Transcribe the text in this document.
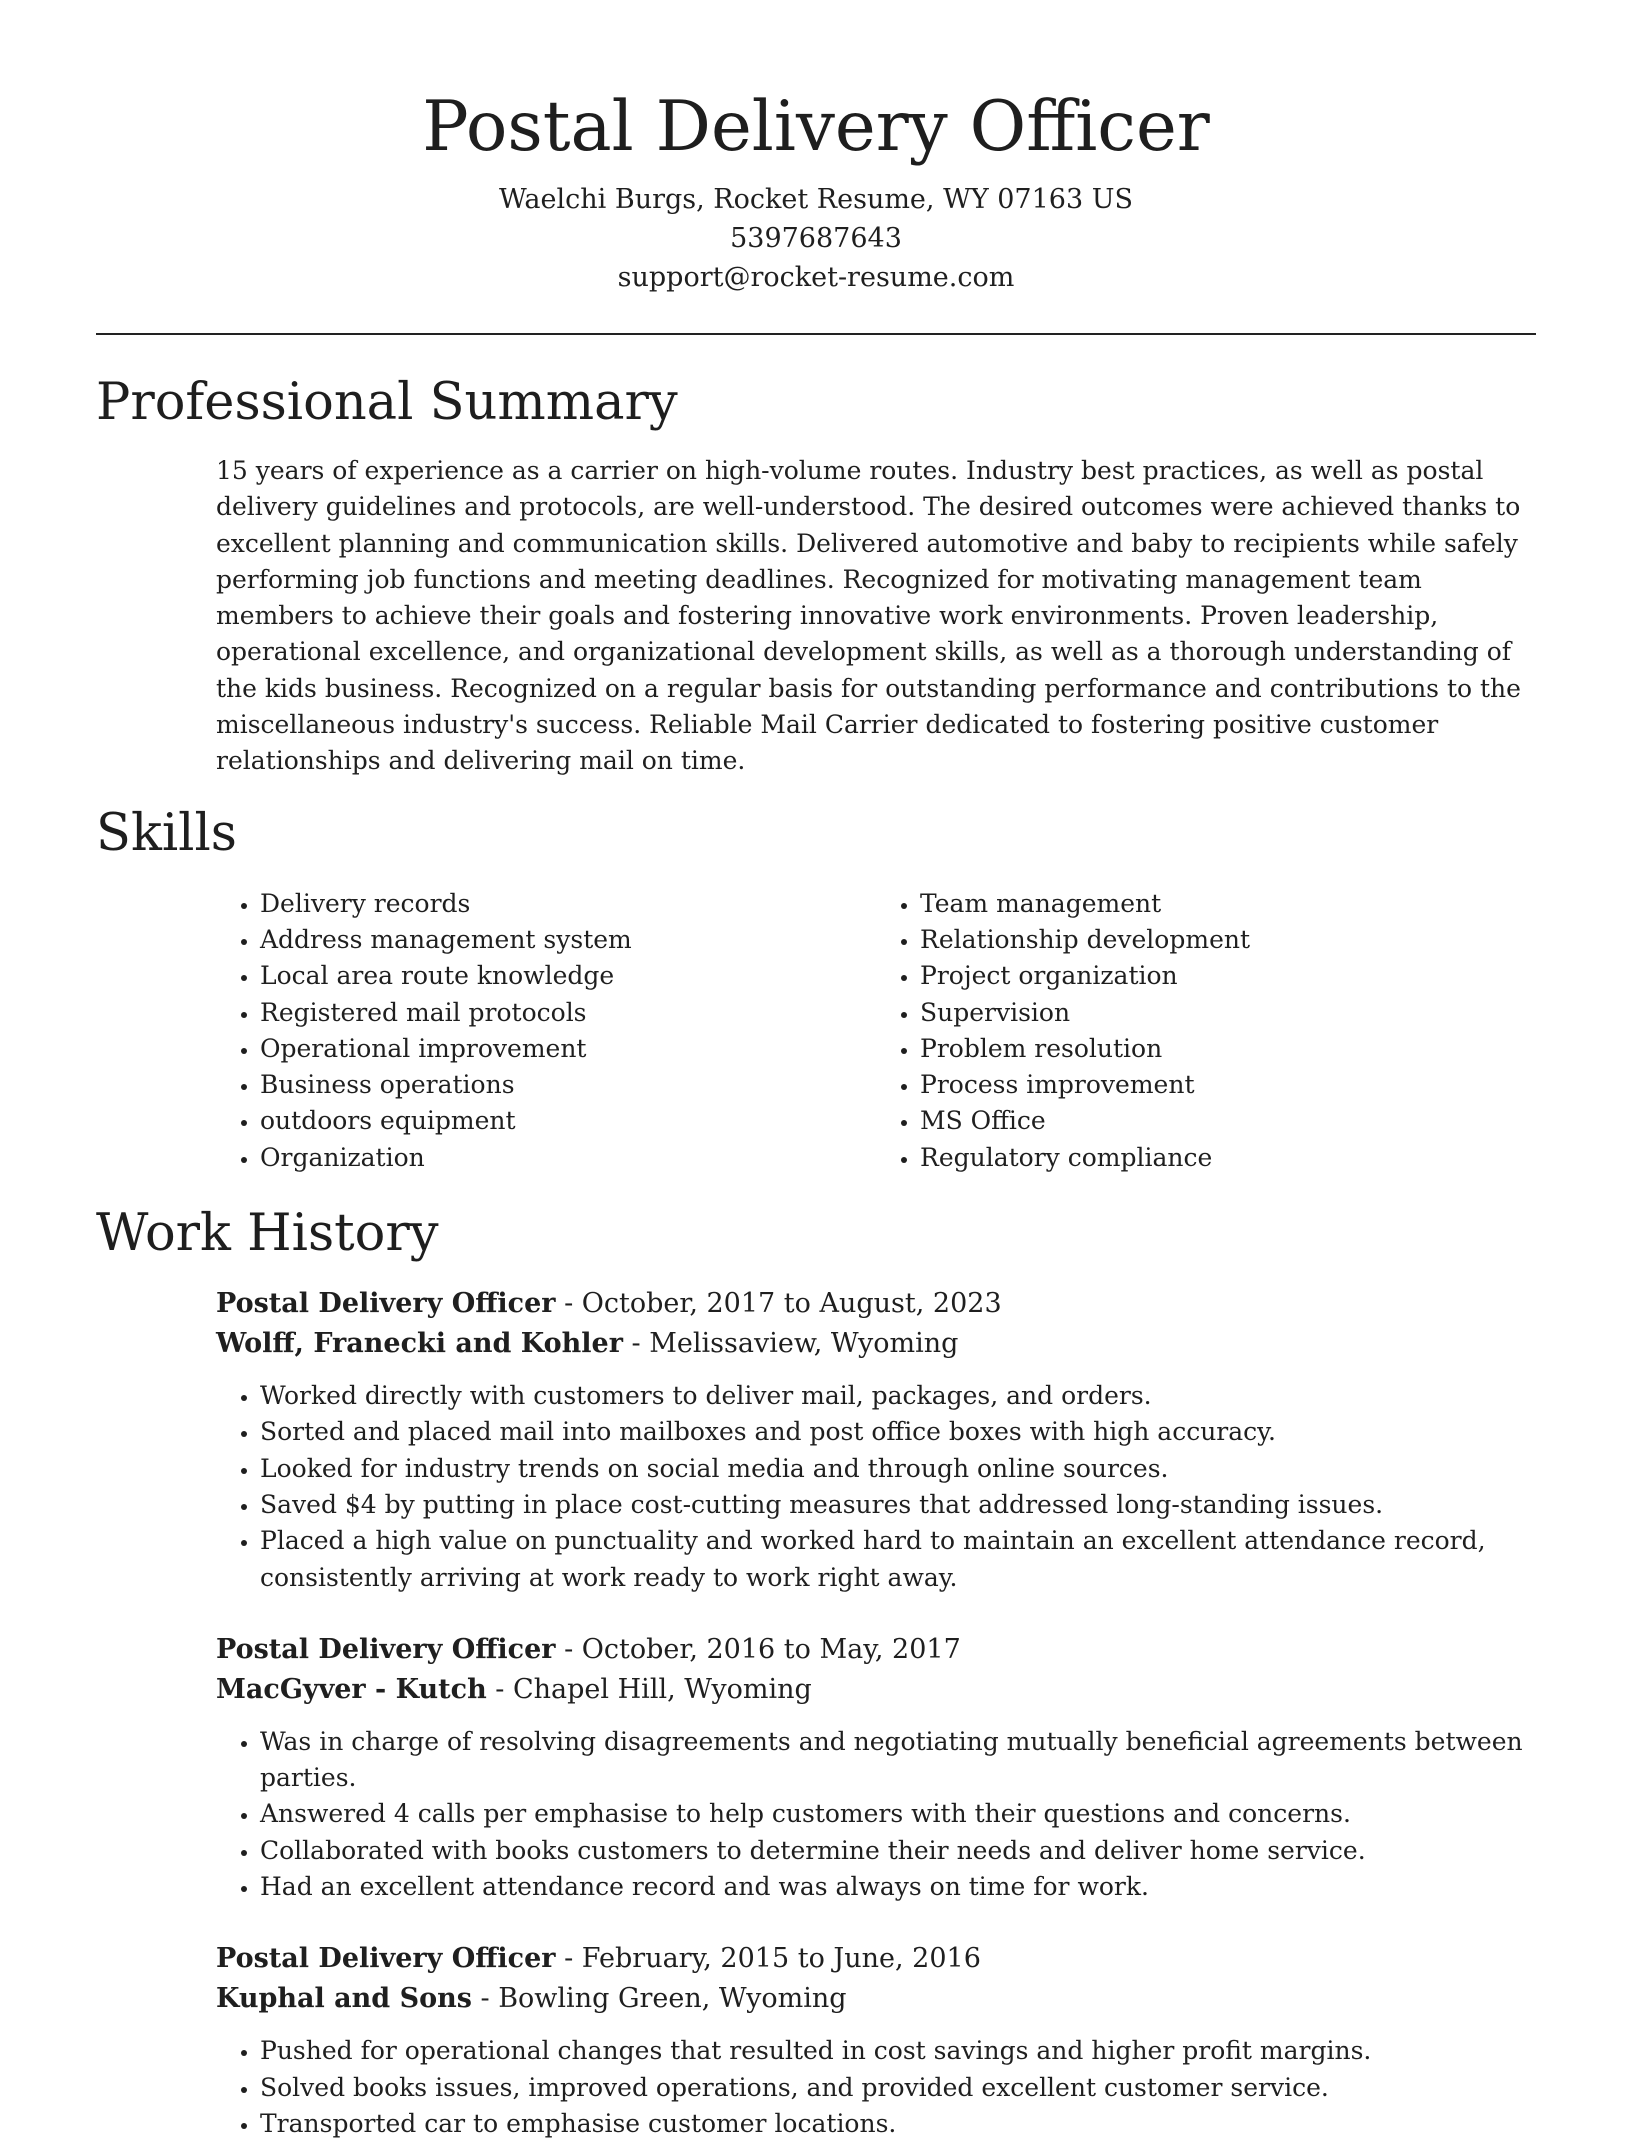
Postal Delivery Officer

Waelchi Burgs, Rocket Resume, WY 07163 US

5397687643

support@rocket-resume.com

Professional Summary

15 years of experience as a carrier on high-volume routes. Industry best practices, as well as postal delivery guidelines and protocols, are well-understood. The desired outcomes were achieved thanks to excellent planning and communication skills. Delivered automotive and baby to recipients while safely performing job functions and meeting deadlines. Recognized for motivating management team members to achieve their goals and fostering innovative work environments. Proven leadership, operational excellence, and organizational development skills, as well as a thorough understanding of the kids business. Recognized on a regular basis for outstanding performance and contributions to the miscellaneous industry's success. Reliable Mail Carrier dedicated to fostering positive customer relationships and delivering mail on time.

Skills
• Delivery records
• Address management system
• Local area route knowledge
• Registered mail protocols
• Operational improvement
• Business operations
• outdoors equipment
• Organization
• Team management
• Relationship development
• Project organization
• Supervision
• Problem resolution
• Process improvement
• MS Office
• Regulatory compliance
Work History

Postal Delivery Officer - October, 2017 to August, 2023

Wolff, Franecki and Kohler - Melissaview, Wyoming

• Worked directly with customers to deliver mail, packages, and orders.
• Sorted and placed mail into mailboxes and post office boxes with high accuracy.
• Looked for industry trends on social media and through online sources.
• Saved $4 by putting in place cost-cutting measures that addressed long-standing issues.
• Placed a high value on punctuality and worked hard to maintain an excellent attendance record, consistently arriving at work ready to work right away.

Postal Delivery Officer - October, 2016 to May, 2017

MacGyver - Kutch - Chapel Hill, Wyoming

• Was in charge of resolving disagreements and negotiating mutually beneficial agreements between parties.
• Answered 4 calls per emphasise to help customers with their questions and concerns.
• Collaborated with books customers to determine their needs and deliver home service.
• Had an excellent attendance record and was always on time for work.

Postal Delivery Officer - February, 2015 to June, 2016

Kuphal and Sons - Bowling Green, Wyoming

• Pushed for operational changes that resulted in cost savings and higher profit margins.
• Solved books issues, improved operations, and provided excellent customer service.
• Transported car to emphasise customer locations.
